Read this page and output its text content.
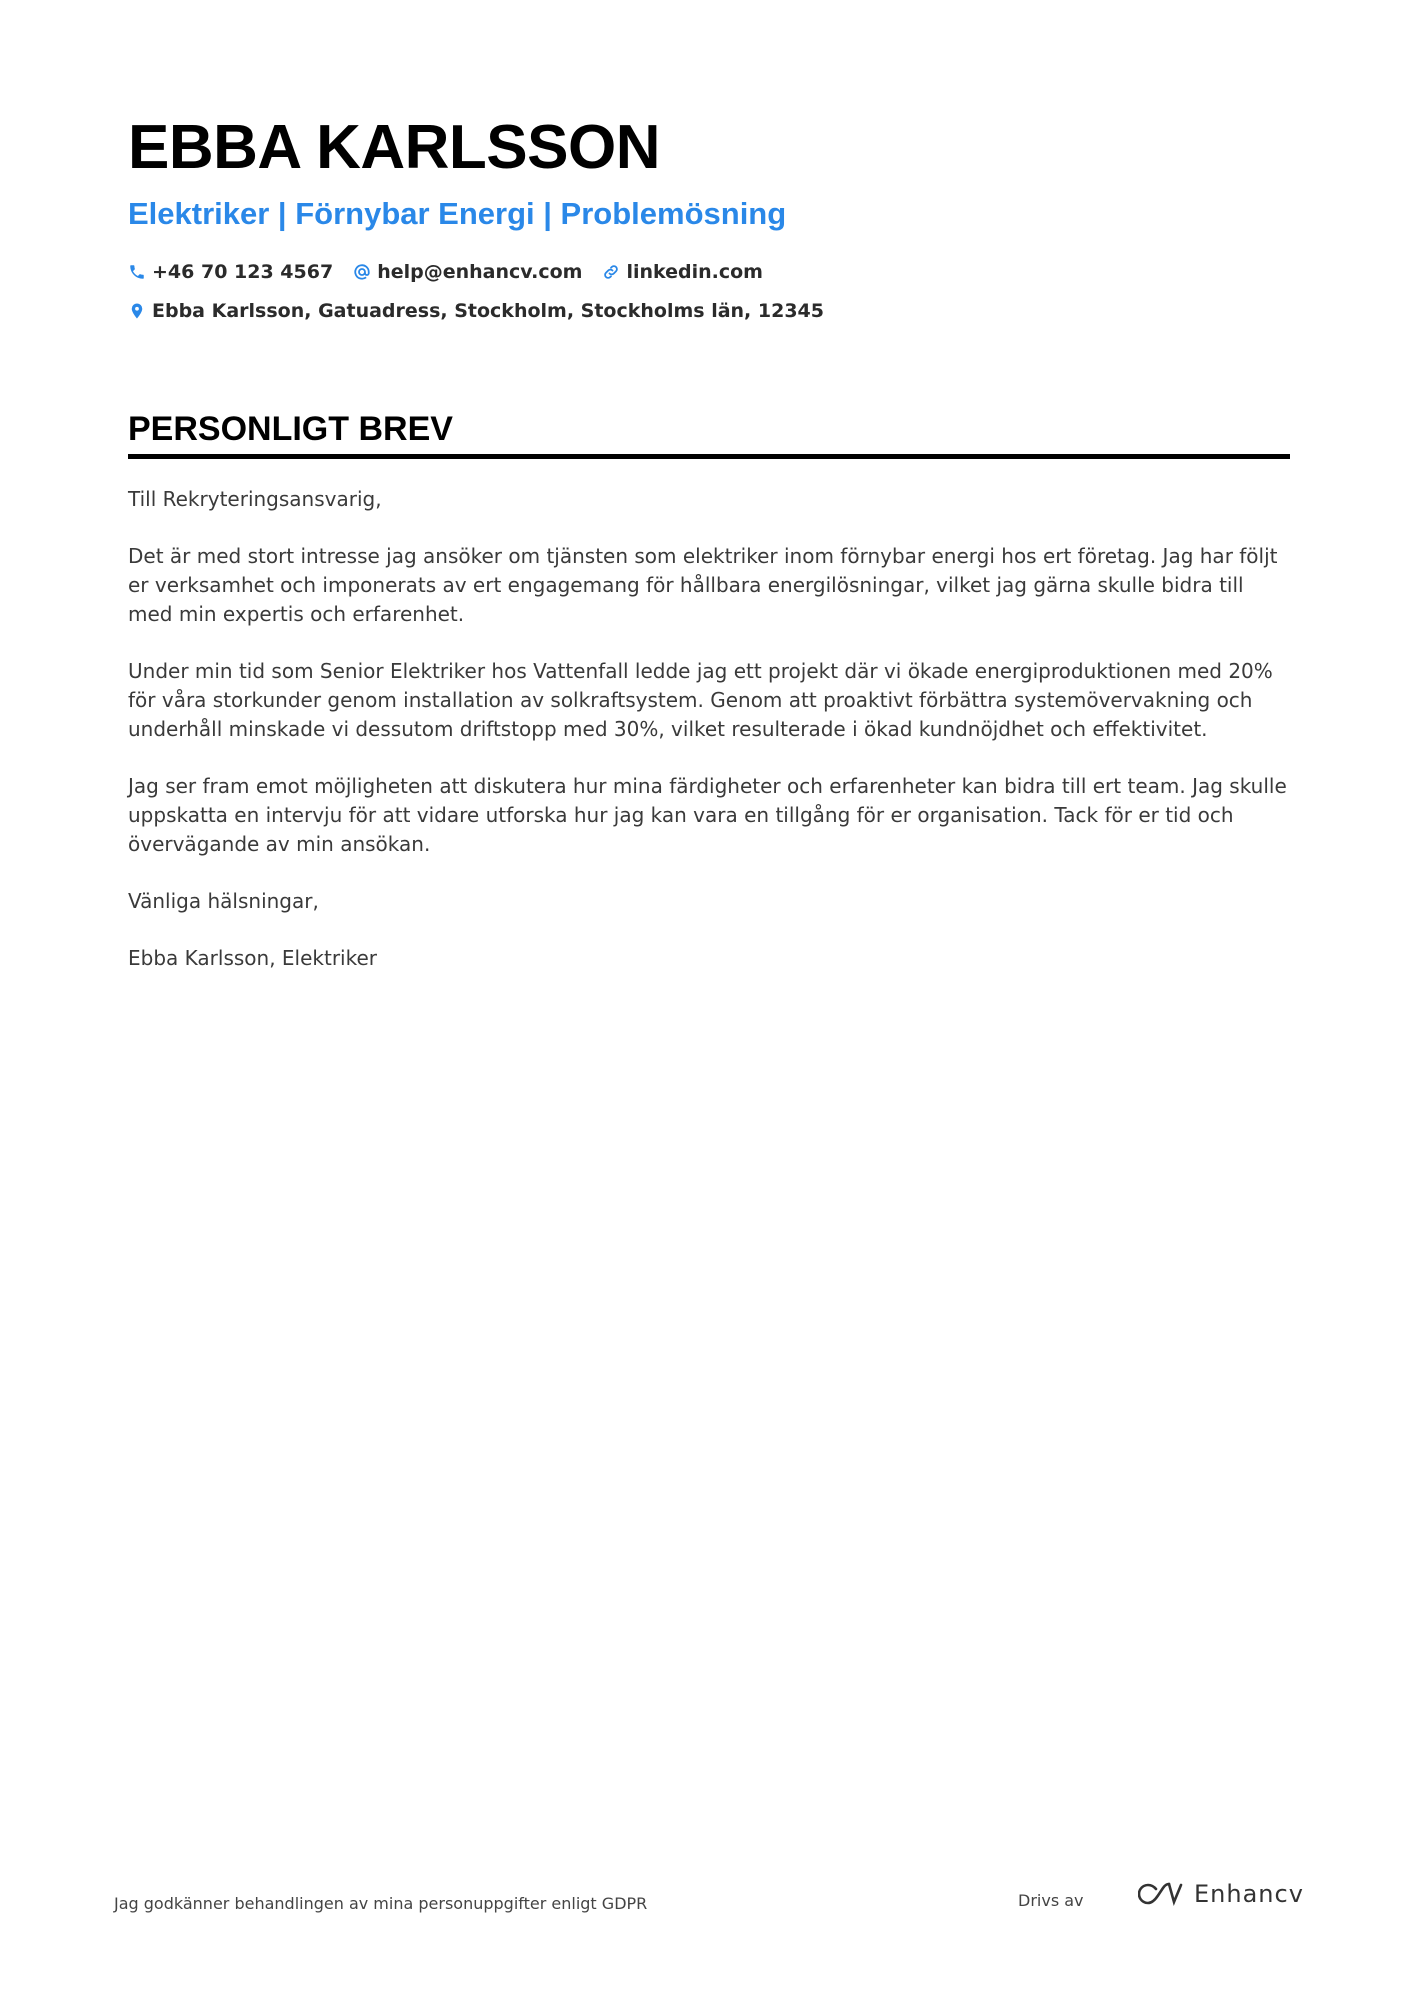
EBBA KARLSSON
Elektriker | Förnybar Energi | Problemösning
+46 70 123 4567 help@enhancv.com linkedin.com
Ebba Karlsson, Gatuadress, Stockholm, Stockholms län, 12345
PERSONLIGT BREV

Till Rekryteringsansvarig,

Det är med stort intresse jag ansöker om tjänsten som elektriker inom förnybar energi hos ert företag. Jag har följt er verksamhet och imponerats av ert engagemang för hållbara energilösningar, vilket jag gärna skulle bidra till med min expertis och erfarenhet.

Under min tid som Senior Elektriker hos Vattenfall ledde jag ett projekt där vi ökade energiproduktionen med 20% för våra storkunder genom installation av solkraftsystem. Genom att proaktivt förbättra systemövervakning och underhåll minskade vi dessutom driftstopp med 30%, vilket resulterade i ökad kundnöjdhet och effektivitet.

Jag ser fram emot möjligheten att diskutera hur mina färdigheter och erfarenheter kan bidra till ert team. Jag skulle uppskatta en intervju för att vidare utforska hur jag kan vara en tillgång för er organisation. Tack för er tid och övervägande av min ansökan.

Vänliga hälsningar,

Ebba Karlsson, Elektriker

Jag godkänner behandlingen av mina personuppgifter enligt GDPR	Drivs av	Enhancv
